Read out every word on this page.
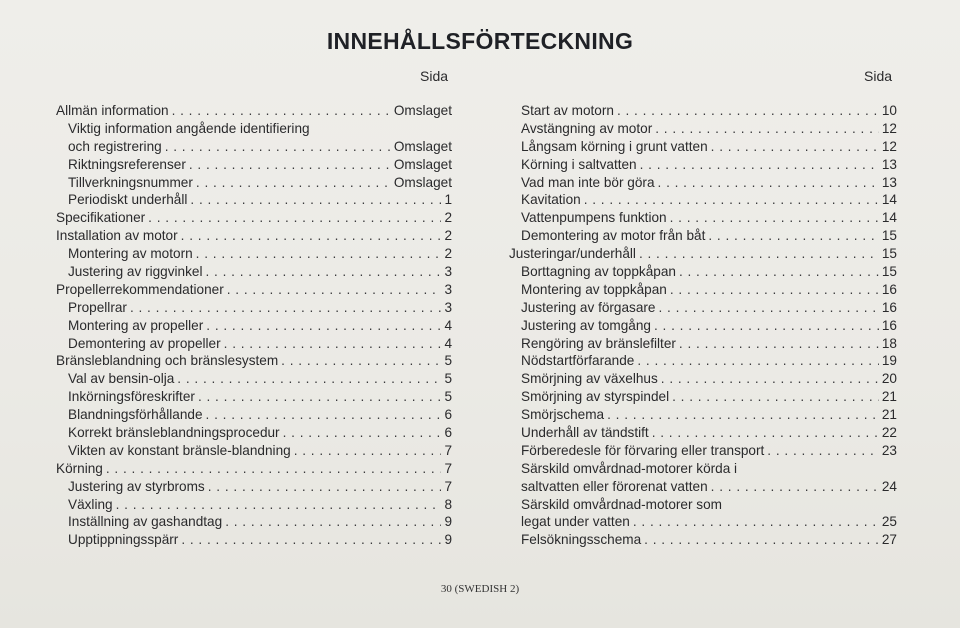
INNEHÅLLSFÖRTECKNING
Sida	Sida
Allmän information . . .	Omslaget
Viktig information angående identifiering
och registrering . . .	Omslaget
Riktningsreferenser . . .	Omslaget
Tillverkningsnummer . . .	Omslaget
Periodiskt underhåll . . .	1
Specifikationer . . .	2
Installation av motor . . .	2
Montering av motorn . . .	2
Justering av riggvinkel . . .	3
Propellerrekommendationer . . .	3
Propellrar . . .	3
Montering av propeller . . .	4
Demontering av propeller . . .	4
Bränsleblandning och bränslesystem . . .	5
Val av bensin-olja . . .	5
Inkörningsföreskrifter . . .	5
Blandningsförhållande . . .	6
Korrekt bränsleblandningsprocedur . . .	6
Vikten av konstant bränsle-blandning . . .	7
Körning . . .	7
Justering av styrbroms . . .	7
Växling . . .	8
Inställning av gashandtag . . .	9
Upptippningsspärr . . .	9
Start av motorn . . .	10
Avstängning av motor . . .	12
Långsam körning i grunt vatten . . .	12
Körning i saltvatten . . .	13
Vad man inte bör göra . . .	13
Kavitation . . .	14
Vattenpumpens funktion . . .	14
Demontering av motor från båt . . .	15
Justeringar/underhåll . . .	15
Borttagning av toppkåpan . . .	15
Montering av toppkåpan . . .	16
Justering av förgasare . . .	16
Justering av tomgång . . .	16
Rengöring av bränslefilter . . .	18
Nödstartförfarande . . .	19
Smörjning av växelhus . . .	20
Smörjning av styrspindel . . .	21
Smörjschema . . .	21
Underhåll av tändstift . . .	22
Förberedesle för förvaring eller transport . . .	23
Särskild omvårdnad-motorer körda i
saltvatten eller förorenat vatten . . .	24
Särskild omvårdnad-motorer som
legat under vatten . . .	25
Felsökningsschema . . .	27
30 (SWEDISH 2)
